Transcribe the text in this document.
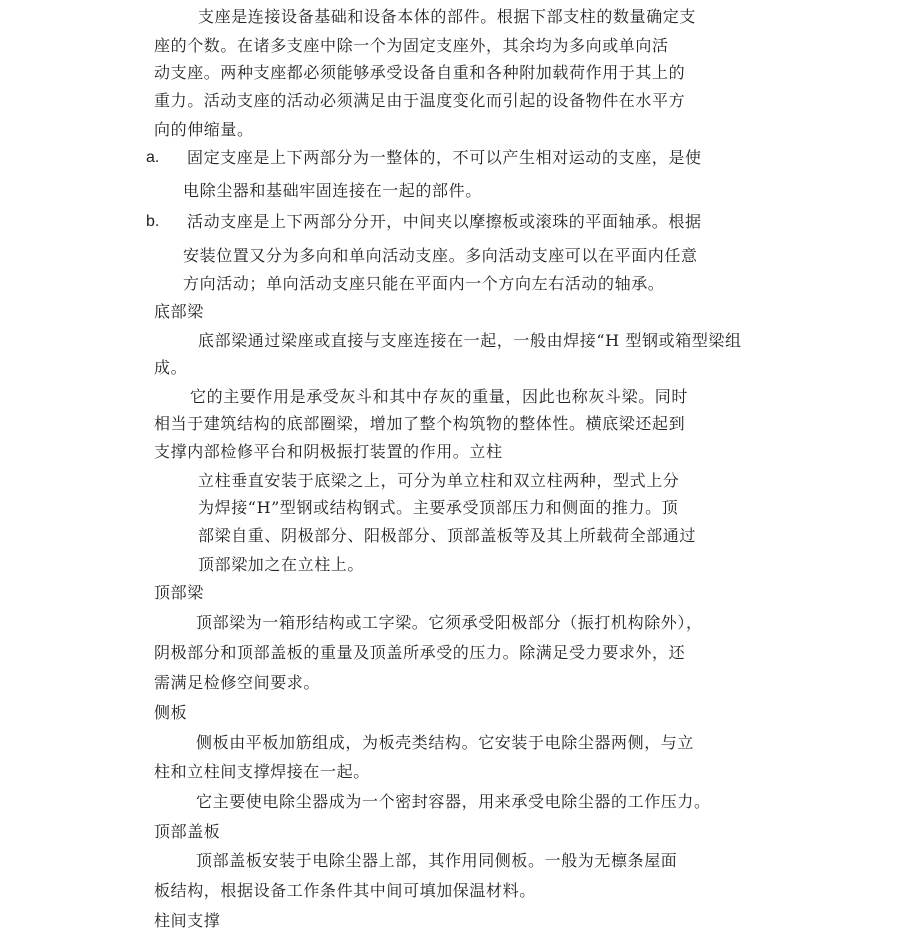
支座是连接设备基础和设备本体的部件。根据下部支柱的数量确定支
座的个数。在诸多支座中除一个为固定支座外，其余均为多向或单向活
动支座。两种支座都必须能够承受设备自重和各种附加载荷作用于其上的
重力。活动支座的活动必须满足由于温度变化而引起的设备物件在水平方
向的伸缩量。
a. 固定支座是上下两部分为一整体的，不可以产生相对运动的支座，是使
电除尘器和基础牢固连接在一起的部件。
b. 活动支座是上下两部分分开，中间夹以摩擦板或滚珠的平面轴承。根据
安装位置又分为多向和单向活动支座。多向活动支座可以在平面内任意
方向活动；单向活动支座只能在平面内一个方向左右活动的轴承。
底部梁
底部梁通过梁座或直接与支座连接在一起，一般由焊接“H 型钢或箱型梁组
成。
它的主要作用是承受灰斗和其中存灰的重量，因此也称灰斗梁。同时
相当于建筑结构的底部圈梁，增加了整个构筑物的整体性。横底梁还起到
支撑内部检修平台和阴极振打装置的作用。立柱
立柱垂直安装于底梁之上，可分为单立柱和双立柱两种，型式上分
为焊接“H”型钢或结构钢式。主要承受顶部压力和侧面的推力。顶
部梁自重、阴极部分、阳极部分、顶部盖板等及其上所载荷全部通过
顶部梁加之在立柱上。
顶部梁
顶部梁为一箱形结构或工字梁。它须承受阳极部分（振打机构除外），
阴极部分和顶部盖板的重量及顶盖所承受的压力。除满足受力要求外，还
需满足检修空间要求。
侧板
侧板由平板加筋组成，为板壳类结构。它安装于电除尘器两侧，与立
柱和立柱间支撑焊接在一起。
它主要使电除尘器成为一个密封容器，用来承受电除尘器的工作压力。
顶部盖板
顶部盖板安装于电除尘器上部，其作用同侧板。一般为无檩条屋面
板结构，根据设备工作条件其中间可填加保温材料。
柱间支撑
